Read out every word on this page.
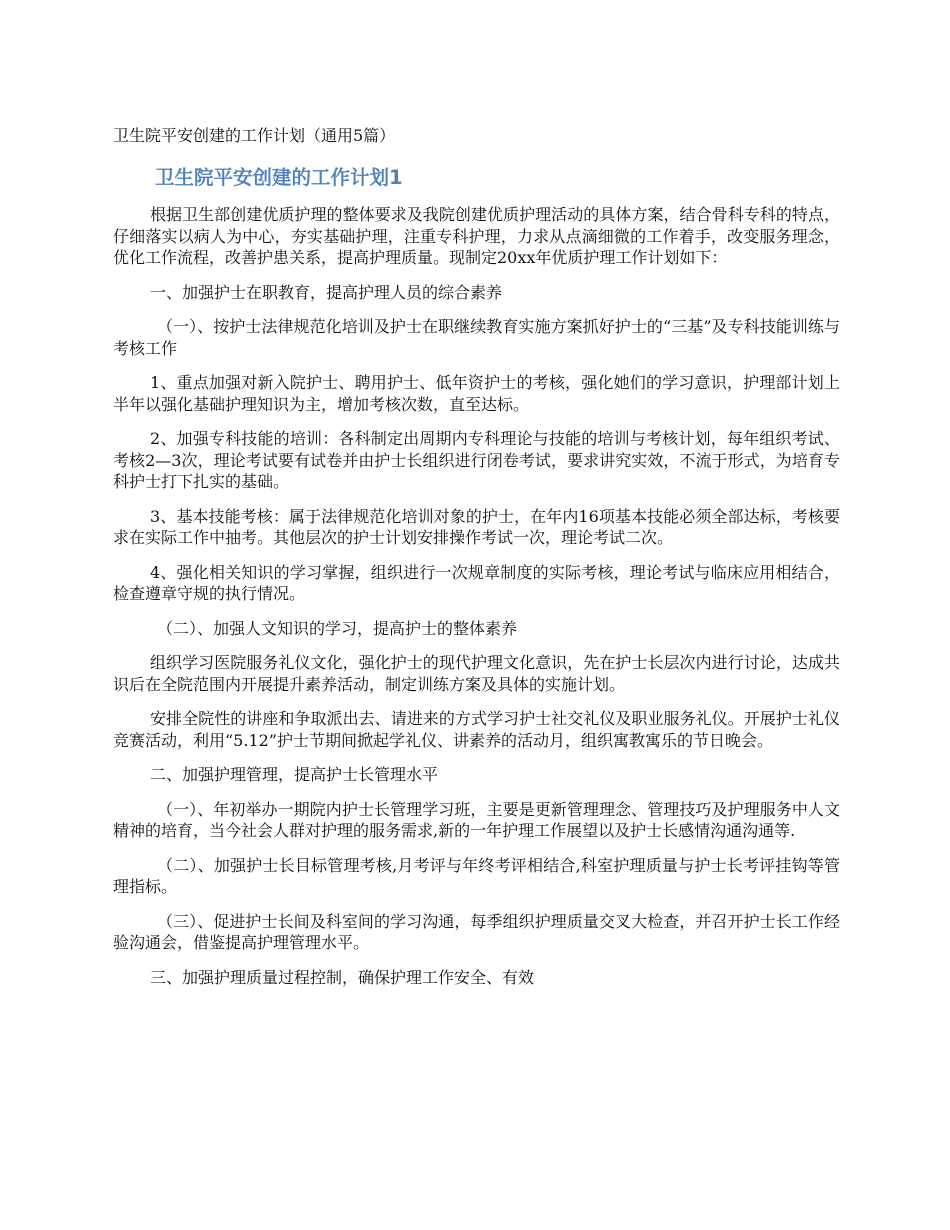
卫生院平安创建的工作计划（通用5篇）
卫生院平安创建的工作计划1

根据卫生部创建优质护理的整体要求及我院创建优质护理活动的具体方案，结合骨科专科的特点，仔细落实以病人为中心，夯实基础护理，注重专科护理，力求从点滴细微的工作着手，改变服务理念，优化工作流程，改善护患关系，提高护理质量。现制定20xx年优质护理工作计划如下：

一、加强护士在职教育，提高护理人员的综合素养

（一）、按护士法律规范化培训及护士在职继续教育实施方案抓好护士的“三基”及专科技能训练与考核工作

1、重点加强对新入院护士、聘用护士、低年资护士的考核，强化她们的学习意识，护理部计划上半年以强化基础护理知识为主，增加考核次数，直至达标。

2、加强专科技能的培训：各科制定出周期内专科理论与技能的培训与考核计划，每年组织考试、考核2—3次，理论考试要有试卷并由护士长组织进行闭卷考试，要求讲究实效，不流于形式，为培育专科护士打下扎实的基础。

3、基本技能考核：属于法律规范化培训对象的护士，在年内16项基本技能必须全部达标，考核要求在实际工作中抽考。其他层次的护士计划安排操作考试一次，理论考试二次。

4、强化相关知识的学习掌握，组织进行一次规章制度的实际考核，理论考试与临床应用相结合，检查遵章守规的执行情况。

（二）、加强人文知识的学习，提高护士的整体素养

组织学习医院服务礼仪文化，强化护士的现代护理文化意识，先在护士长层次内进行讨论，达成共识后在全院范围内开展提升素养活动，制定训练方案及具体的实施计划。

安排全院性的讲座和争取派出去、请进来的方式学习护士社交礼仪及职业服务礼仪。开展护士礼仪竞赛活动，利用“5.12”护士节期间掀起学礼仪、讲素养的活动月，组织寓教寓乐的节日晚会。

二、加强护理管理，提高护士长管理水平

（一）、年初举办一期院内护士长管理学习班，主要是更新管理理念、管理技巧及护理服务中人文精神的培育，当今社会人群对护理的服务需求,新的一年护理工作展望以及护士长感情沟通沟通等.

（二）、加强护士长目标管理考核,月考评与年终考评相结合,科室护理质量与护士长考评挂钩等管理指标。

（三）、促进护士长间及科室间的学习沟通，每季组织护理质量交叉大检查，并召开护士长工作经验沟通会，借鉴提高护理管理水平。

三、加强护理质量过程控制，确保护理工作安全、有效
